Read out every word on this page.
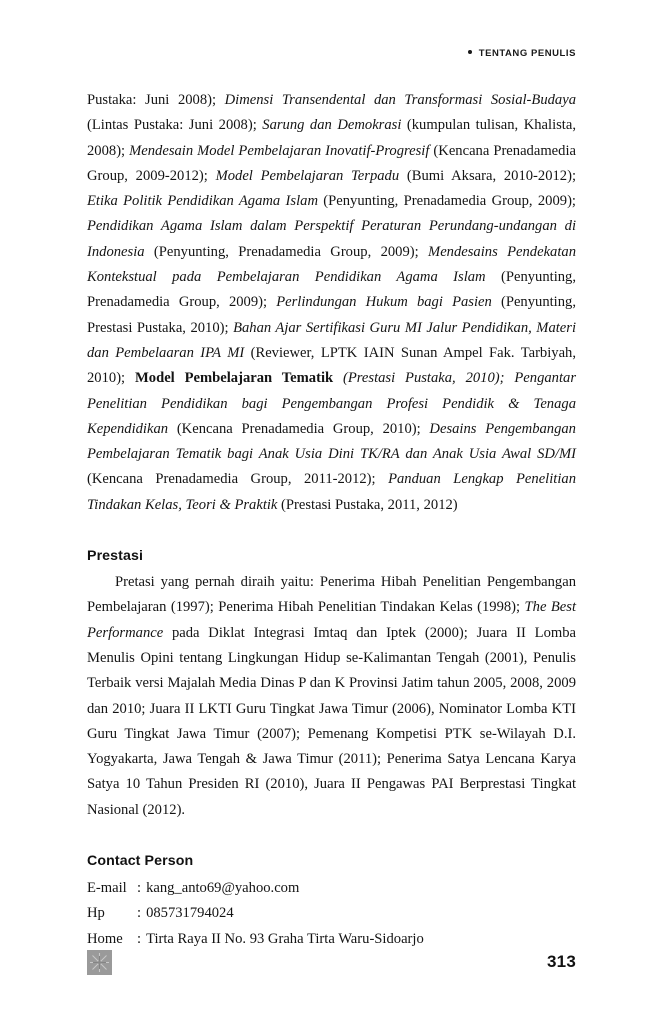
TENTANG PENULIS

Pustaka: Juni 2008); Dimensi Transendental dan Transformasi Sosial-Budaya (Lintas Pustaka: Juni 2008); Sarung dan Demokrasi (kumpulan tulisan, Khalista, 2008); Mendesain Model Pembelajaran Inovatif-Progresif (Kencana Prenadamedia Group, 2009-2012); Model Pembelajaran Terpadu (Bumi Aksara, 2010-2012); Etika Politik Pendidikan Agama Islam (Penyunting, Prenadamedia Group, 2009); Pendidikan Agama Islam dalam Perspektif Peraturan Perundang-undangan di Indonesia (Penyunting, Prenadamedia Group, 2009); Mendesains Pendekatan Kontekstual pada Pembelajaran Pendidikan Agama Islam (Penyunting, Prenadamedia Group, 2009); Perlindungan Hukum bagi Pasien (Penyunting, Prestasi Pustaka, 2010); Bahan Ajar Sertifikasi Guru MI Jalur Pendidikan, Materi dan Pembelaaran IPA MI (Reviewer, LPTK IAIN Sunan Ampel Fak. Tarbiyah, 2010); Model Pembelajaran Tematik (Prestasi Pustaka, 2010); Pengantar Penelitian Pendidikan bagi Pengembangan Profesi Pendidik & Tenaga Kependidikan (Kencana Prenadamedia Group, 2010); Desains Pengembangan Pembelajaran Tematik bagi Anak Usia Dini TK/RA dan Anak Usia Awal SD/MI (Kencana Prenadamedia Group, 2011-2012); Panduan Lengkap Penelitian Tindakan Kelas, Teori & Praktik (Prestasi Pustaka, 2011, 2012)

Prestasi

Pretasi yang pernah diraih yaitu: Penerima Hibah Penelitian Pengembangan Pembelajaran (1997); Penerima Hibah Penelitian Tindakan Kelas (1998); The Best Performance pada Diklat Integrasi Imtaq dan Iptek (2000); Juara II Lomba Menulis Opini tentang Lingkungan Hidup se-Kalimantan Tengah (2001), Penulis Terbaik versi Majalah Media Dinas P dan K Provinsi Jatim tahun 2005, 2008, 2009 dan 2010; Juara II LKTI Guru Tingkat Jawa Timur (2006), Nominator Lomba KTI Guru Tingkat Jawa Timur (2007); Pemenang Kompetisi PTK se-Wilayah D.I. Yogyakarta, Jawa Tengah & Jawa Timur (2011); Penerima Satya Lencana Karya Satya 10 Tahun Presiden RI (2010), Juara II Pengawas PAI Berprestasi Tingkat Nasional (2012).

Contact Person
E-mail : kang_anto69@yahoo.com
Hp : 085731794024
Home : Tirta Raya II No. 93 Graha Tirta Waru-Sidoarjo
313
